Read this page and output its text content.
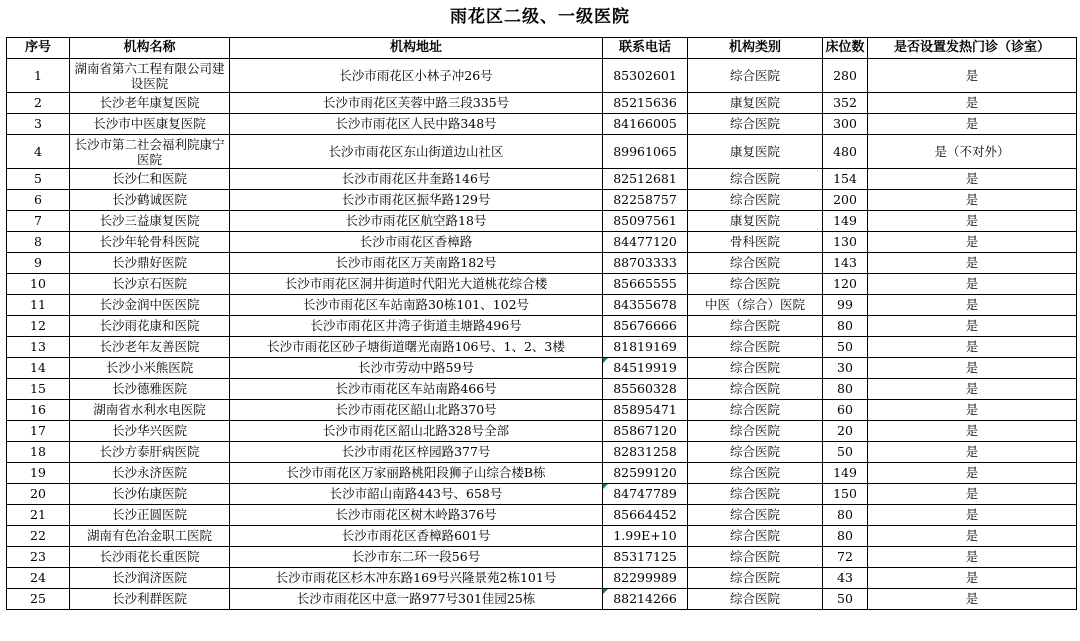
雨花区二级、一级医院
序号	机构名称	机构地址	联系电话	机构类别	床位数	是否设置发热门诊（诊室）
1	湖南省第六工程有限公司建设医院	长沙市雨花区小林子冲26号	85302601	综合医院	280	是
2	长沙老年康复医院	长沙市雨花区芙蓉中路三段335号	85215636	康复医院	352	是
3	长沙市中医康复医院	长沙市雨花区人民中路348号	84166005	综合医院	300	是
4	长沙市第二社会福利院康宁医院	长沙市雨花区东山街道边山社区	89961065	康复医院	480	是（不对外）
5	长沙仁和医院	长沙市雨花区井奎路146号	82512681	综合医院	154	是
6	长沙鹤诚医院	长沙市雨花区振华路129号	82258757	综合医院	200	是
7	长沙三益康复医院	长沙市雨花区航空路18号	85097561	康复医院	149	是
8	长沙年轮骨科医院	长沙市雨花区香樟路	84477120	骨科医院	130	是
9	长沙鼎好医院	长沙市雨花区万芙南路182号	88703333	综合医院	143	是
10	长沙京石医院	长沙市雨花区洞井街道时代阳光大道桃花综合楼	85665555	综合医院	120	是
11	长沙金润中医医院	长沙市雨花区车站南路30栋101、102号	84355678	中医（综合）医院	99	是
12	长沙雨花康和医院	长沙市雨花区井湾子街道圭塘路496号	85676666	综合医院	80	是
13	长沙老年友善医院	长沙市雨花区砂子塘街道曙光南路106号、1、2、3楼	81819169	综合医院	50	是
14	长沙小米熊医院	长沙市劳动中路59号	84519919	综合医院	30	是
15	长沙德雅医院	长沙市雨花区车站南路466号	85560328	综合医院	80	是
16	湖南省水利水电医院	长沙市雨花区韶山北路370号	85895471	综合医院	60	是
17	长沙华兴医院	长沙市雨花区韶山北路328号全部	85867120	综合医院	20	是
18	长沙方泰肝病医院	长沙市雨花区梓园路377号	82831258	综合医院	50	是
19	长沙永济医院	长沙市雨花区万家丽路桃阳段狮子山综合楼B栋	82599120	综合医院	149	是
20	长沙佑康医院	长沙市韶山南路443号、658号	84747789	综合医院	150	是
21	长沙正圆医院	长沙市雨花区树木岭路376号	85664452	综合医院	80	是
22	湖南有色冶金职工医院	长沙市雨花区香樟路601号	1.99E+10	综合医院	80	是
23	长沙雨花长重医院	长沙市东二环一段56号	85317125	综合医院	72	是
24	长沙润济医院	长沙市雨花区杉木冲东路169号兴隆景苑2栋101号	82299989	综合医院	43	是
25	长沙利群医院	长沙市雨花区中意一路977号301佳园25栋	88214266	综合医院	50	是
